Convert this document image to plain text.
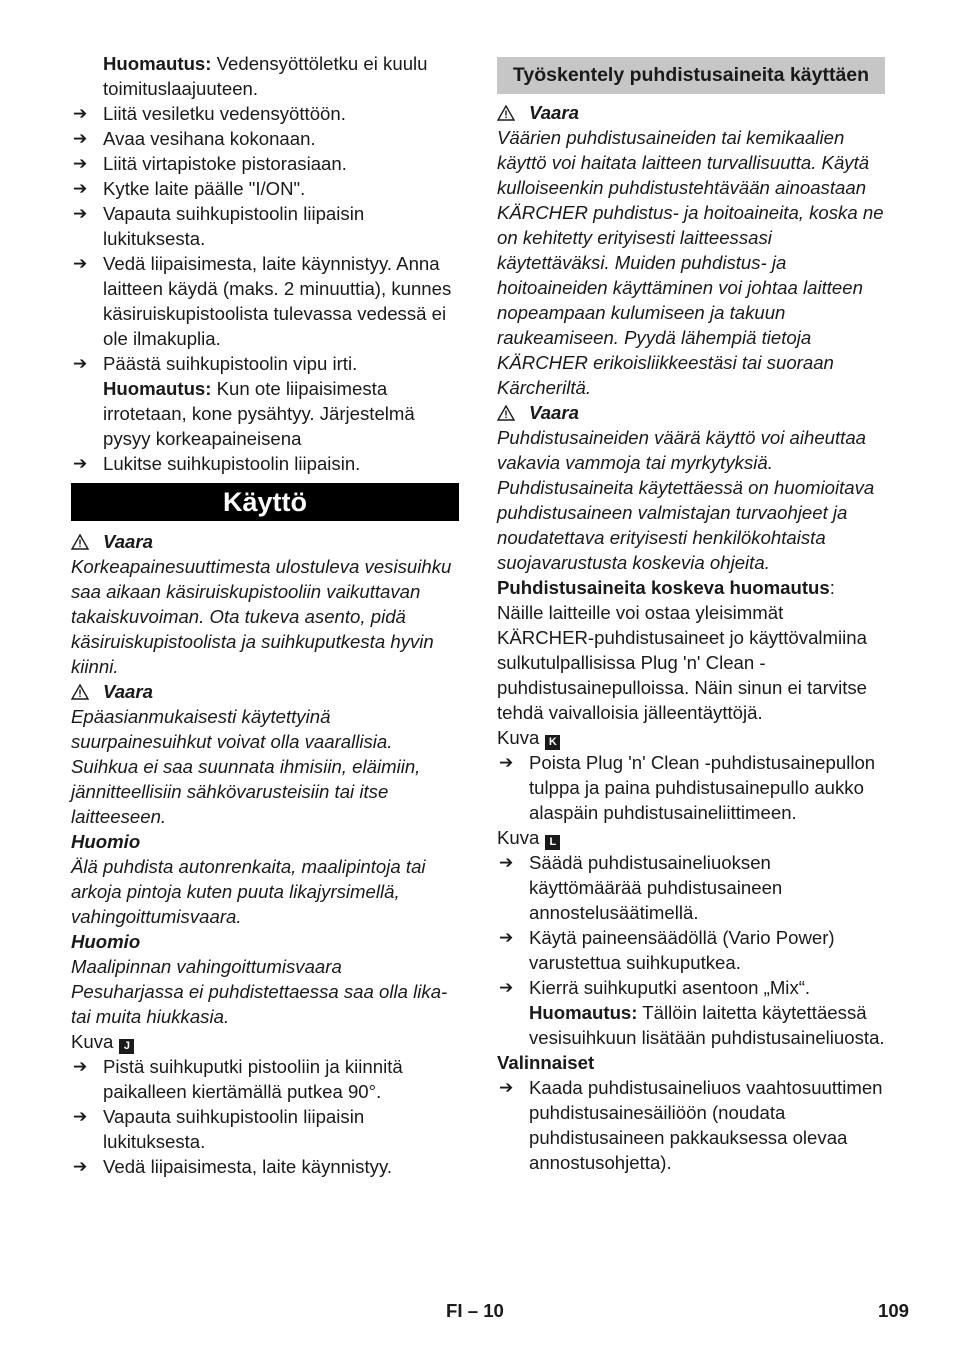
Huomautus: Vedensyöttöletku ei kuulu toimituslaajuuteen.

➔ Liitä vesiletku vedensyöttöön.
➔ Avaa vesihana kokonaan.
➔ Liitä virtapistoke pistorasiaan.
➔ Kytke laite päälle "I/ON".
➔ Vapauta suihkupistoolin liipaisin lukituksesta.
➔ Vedä liipaisimesta, laite käynnistyy. Anna laitteen käydä (maks. 2 minuuttia), kunnes käsiruiskupistoolista tulevassa vedessä ei ole ilmakuplia.
➔ Päästä suihkupistoolin vipu irti.

Huomautus: Kun ote liipaisimesta irrotetaan, kone pysähtyy. Järjestelmä pysyy korkeapaineisena

➔ Lukitse suihkupistoolin liipaisin.
Käyttö
Vaara

Korkeapainesuuttimesta ulostuleva vesisuihku saa aikaan käsiruiskupistooliin vaikuttavan takaiskuvoiman. Ota tukeva asento, pidä käsiruiskupistoolista ja suihkuputkesta hyvin kiinni.

Vaara

Epäasianmukaisesti käytettyinä suurpainesuihkut voivat olla vaarallisia. Suihkua ei saa suunnata ihmisiin, eläimiin, jännitteellisiin sähkövarusteisiin tai itse laitteeseen.

Huomio

Älä puhdista autonrenkaita, maalipintoja tai arkoja pintoja kuten puuta likajyrsimellä, vahingoittumisvaara.

Huomio

Maalipinnan vahingoittumisvaara

Pesuharjassa ei puhdistettaessa saa olla lika- tai muita hiukkasia.

Kuva J

➔ Pistä suihkuputki pistooliin ja kiinnitä paikalleen kiertämällä putkea 90°.
➔ Vapauta suihkupistoolin liipaisin lukituksesta.
➔ Vedä liipaisimesta, laite käynnistyy.
Työskentely puhdistusaineita käyttäen
Vaara

Väärien puhdistusaineiden tai kemikaalien käyttö voi haitata laitteen turvallisuutta. Käytä kulloiseenkin puhdistustehtävään ainoastaan KÄRCHER puhdistus- ja hoitoaineita, koska ne on kehitetty erityisesti laitteessasi käytettäväksi. Muiden puhdistus- ja hoitoaineiden käyttäminen voi johtaa laitteen nopeampaan kulumiseen ja takuun raukeamiseen. Pyydä lähempiä tietoja KÄRCHER erikoisliikkeestäsi tai suoraan Kärcheriltä.

Vaara

Puhdistusaineiden väärä käyttö voi aiheuttaa vakavia vammoja tai myrkytyksiä. Puhdistusaineita käytettäessä on huomioitava puhdistusaineen valmistajan turvaohjeet ja noudatettava erityisesti henkilökohtaista suojavarustusta koskevia ohjeita.

Puhdistusaineita koskeva huomautus:
Näille laitteille voi ostaa yleisimmät KÄRCHER-puhdistusaineet jo käyttövalmiina sulkutulpallisissa Plug 'n' Clean -puhdistusainepulloissa. Näin sinun ei tarvitse tehdä vaivalloisia jälleentäyttöjä.

Kuva K

➔ Poista Plug 'n' Clean -puhdistusainepullon tulppa ja paina puhdistusainepullo aukko alaspäin puhdistusaineliittimeen.

Kuva L

➔ Säädä puhdistusaineliuoksen käyttömäärää puhdistusaineen annostelusäätimellä.
➔ Käytä paineensäädöllä (Vario Power) varustettua suihkuputkea.
➔ Kierrä suihkuputki asentoon „Mix“.

Huomautus: Tällöin laitetta käytettäessä vesisuihkuun lisätään puhdistusaineliuosta.

Valinnaiset

➔ Kaada puhdistusaineliuos vaahtosuuttimen puhdistusainesäiliöön (noudata puhdistusaineen pakkauksessa olevaa annostusohjetta).
FI – 10	109
